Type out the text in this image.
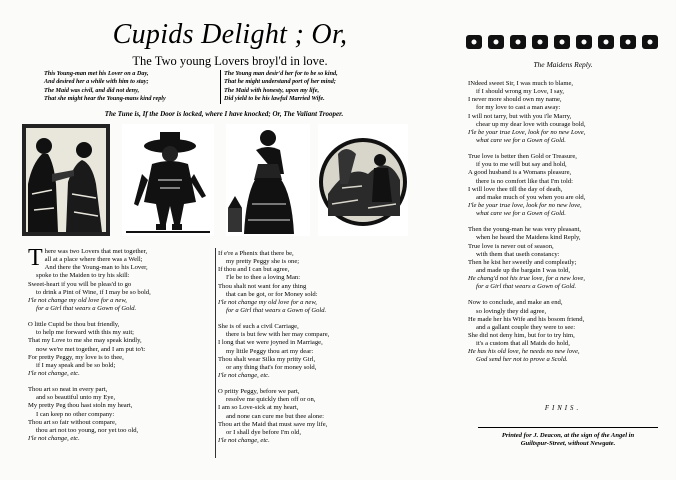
Cupids Delight ; Or,
The Two young Lovers broyl'd in love.
This Young-man met his Lover on a Day,
And desired her a while with him to stay;
The Maid was civil, and did not deny,
That she might hear the Young-mans kind reply
The Young man desir'd her for to be so kind,
That he might understand port of her mind;
The Maid with honesty, upon my life,
Did yield to be his lawful Married Wife.
The Tune is, If the Door is locked, where I have knocked; Or, The Valiant Trooper.
T here was two Lovers that met together,
all at a place where there was a Well;
And there the Young-man to his Lover,
spoke to the Maiden to try his skill:
Sweet-heart if you will be pleas'd to go
to drink a Pint of Wine, if I may be so bold,
I'le not change my old love for a new,
for a Girl that wears a Gown of Gold.
O little Cupid be thou but friendly,
to help me forward with this my suit;
That my Love to me she may speak kindly,
now we're met together, and I am put to't:
For pretty Peggy, my love is to thee,
if I may speak and be so bold;
I'le not change, etc.
Thou art so neat in every part,
and so beautiful unto my Eye,
My pretty Peg thou hast stoln my heart,
I can keep no other company:
Thou art so fair without compare,
thou art not too young, nor yet too old,
I'le not change, etc.
If e're a Phenix that there be,
my pretty Peggy she is one;
If thou and I can but agree,
I'le be to thee a loving Man:
Thou shalt not want for any thing
that can be got, or for Money sold:
I'le not change my old love for a new,
for a Girl that wears a Gown of Gold.
She is of such a civil Carriage,
there is but few with her may compare,
I long that we were joyned in Marriage,
my little Peggy thou art my dear:
Thou shalt wear Silks my pritty Girl,
or any thing that's for money sold,
I'le not change, etc.
O pritty Peggy, before we part,
resolve me quickly then off or on,
I am so Love-sick at my heart,
and none can cure me but thee alone:
Thou art the Maid that must save my life,
or I shall dye before I'm old,
I'le not change, etc.
The Maidens Reply.
INdeed sweet Sir, I was much to blame,
if I should wrong my Love, I say,
I never more should own my name,
for my love to cast a man away:
I will not tarry, but with you i'le Marry,
chear up my dear love with courage bold,
I'le be your true Love, look for no new Love,
what care we for a Gown of Gold.
True love is better then Gold or Treasure,
if you to me will but say and hold,
A good husband is a Womans pleasure,
there is no comfort like that I'm told:
I will love thee till the day of death,
and make much of you when you are old,
I'le be your true love, look for no new love,
what care we for a Gown of Gold.
Then the young-man he was very pleasant,
when he heard the Maidens kind Reply,
True love is never out of season,
with them that useth constancy:
Then he kist her sweetly and compleatly;
and made up the bargain I was told,
He chang'd not his true love, for a new love,
for a Girl that wears a Gown of Gold.
Now to conclude, and make an end,
so lovingly they did agree,
He made her his Wife and his bosom friend,
and a gallant couple they were to see:
She did not deny him, but for to try him,
it's a custom that all Maids do hold,
He has his old love, he needs no new love,
God send her not to prove a Scold.
FINIS.
Printed for J. Deacon, at the sign of the Angel in
Guiltspur-Street, without Newgate.
